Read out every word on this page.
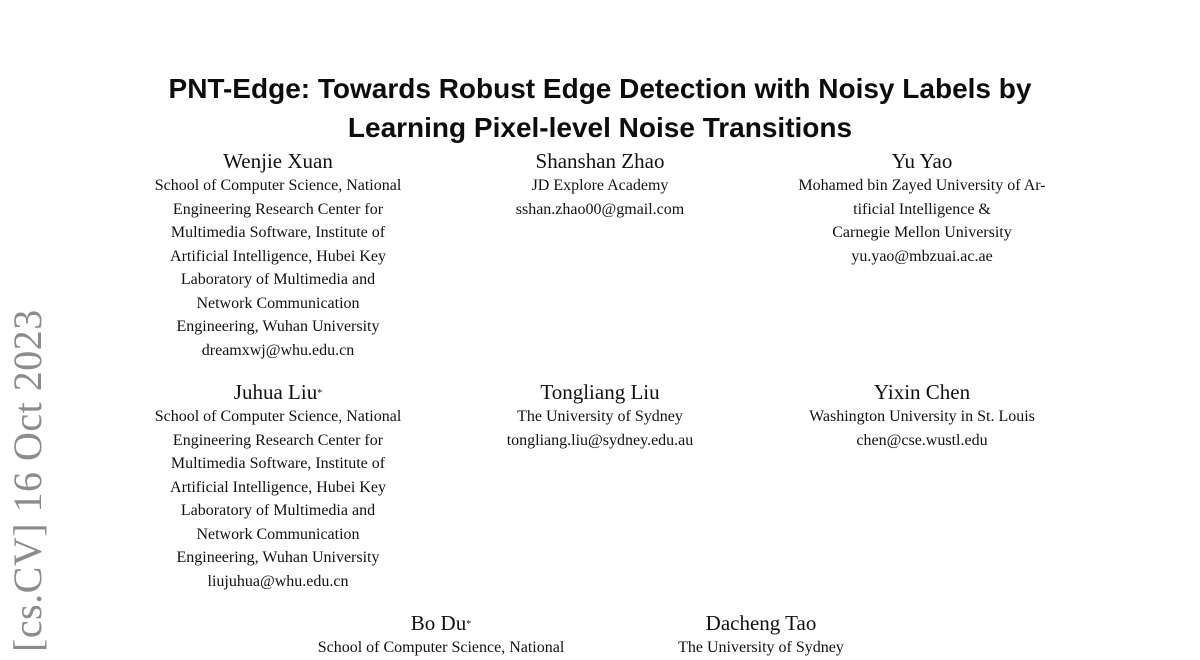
[cs.CV] 16 Oct 2023
PNT-Edge: Towards Robust Edge Detection with Noisy Labels by
Learning Pixel-level Noise Transitions
Wenjie Xuan
School of Computer Science, National
Engineering Research Center for
Multimedia Software, Institute of
Artificial Intelligence, Hubei Key
Laboratory of Multimedia and
Network Communication
Engineering, Wuhan University
dreamxwj@whu.edu.cn
Shanshan Zhao
JD Explore Academy
sshan.zhao00@gmail.com
Yu Yao
Mohamed bin Zayed University of Ar-
tificial Intelligence &
Carnegie Mellon University
yu.yao@mbzuai.ac.ae
Juhua Liu*
School of Computer Science, National
Engineering Research Center for
Multimedia Software, Institute of
Artificial Intelligence, Hubei Key
Laboratory of Multimedia and
Network Communication
Engineering, Wuhan University
liujuhua@whu.edu.cn
Tongliang Liu
The University of Sydney
tongliang.liu@sydney.edu.au
Yixin Chen
Washington University in St. Louis
chen@cse.wustl.edu
Bo Du*
School of Computer Science, National
Dacheng Tao
The University of Sydney
